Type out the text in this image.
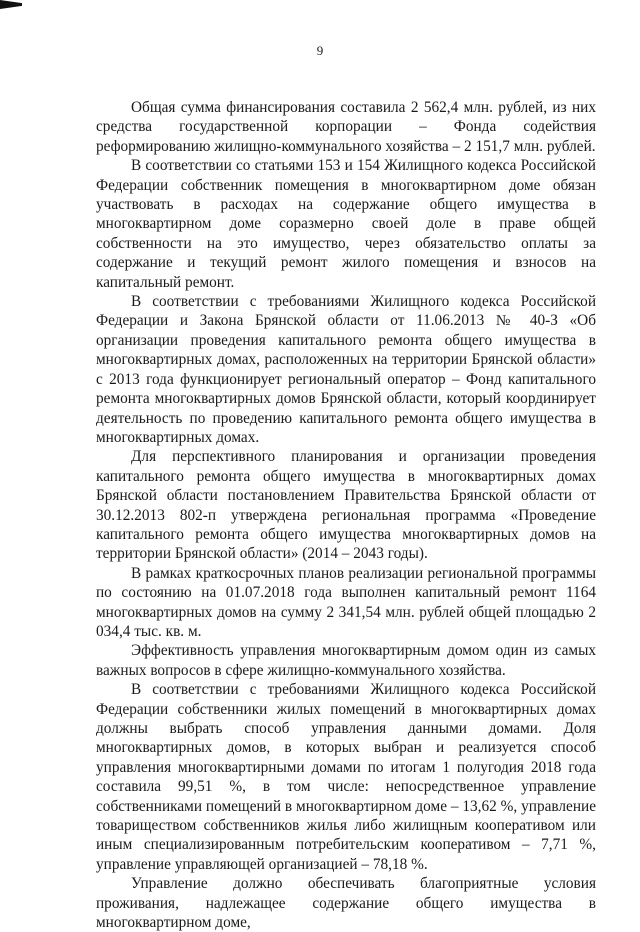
9

Общая сумма финансирования составила 2 562,4 млн. рублей, из них средства государственной корпорации – Фонда содействия реформированию жилищно-коммунального хозяйства – 2 151,7 млн. рублей.

В соответствии со статьями 153 и 154 Жилищного кодекса Российской Федерации собственник помещения в многоквартирном доме обязан участвовать в расходах на содержание общего имущества в многоквартирном доме соразмерно своей доле в праве общей собственности на это имущество, через обязательство оплаты за содержание и текущий ремонт жилого помещения и взносов на капитальный ремонт.

В соответствии с требованиями Жилищного кодекса Российской Федерации и Закона Брянской области от 11.06.2013 № 40-З «Об организации проведения капитального ремонта общего имущества в многоквартирных домах, расположенных на территории Брянской области» с 2013 года функционирует региональный оператор – Фонд капитального ремонта многоквартирных домов Брянской области, который координирует деятельность по проведению капитального ремонта общего имущества в многоквартирных домах.

Для перспективного планирования и организации проведения капитального ремонта общего имущества в многоквартирных домах Брянской области постановлением Правительства Брянской области от 30.12.2013 802-п утверждена региональная программа «Проведение капитального ремонта общего имущества многоквартирных домов на территории Брянской области» (2014 – 2043 годы).

В рамках краткосрочных планов реализации региональной программы по состоянию на 01.07.2018 года выполнен капитальный ремонт 1164 многоквартирных домов на сумму 2 341,54 млн. рублей общей площадью 2 034,4 тыс. кв. м.

Эффективность управления многоквартирным домом один из самых важных вопросов в сфере жилищно-коммунального хозяйства.

В соответствии с требованиями Жилищного кодекса Российской Федерации собственники жилых помещений в многоквартирных домах должны выбрать способ управления данными домами. Доля многоквартирных домов, в которых выбран и реализуется способ управления многоквартирными домами по итогам 1 полугодия 2018 года составила 99,51 %, в том числе: непосредственное управление собственниками помещений в многоквартирном доме – 13,62 %, управление товариществом собственников жилья либо жилищным кооперативом или иным специализированным потребительским кооперативом – 7,71 %, управление управляющей организацией – 78,18 %.

Управление должно обеспечивать благоприятные условия проживания, надлежащее содержание общего имущества в многоквартирном доме,
